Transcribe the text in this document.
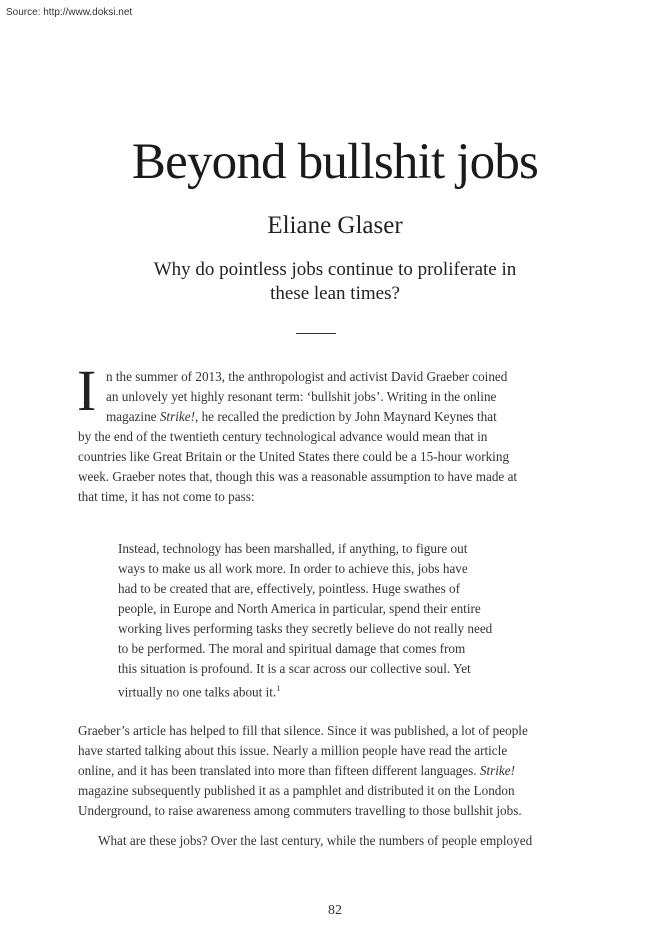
Source: http://www.doksi.net
Beyond bullshit jobs
Eliane Glaser
Why do pointless jobs continue to proliferate in
these lean times?
I n the summer of 2013, the anthropologist and activist David Graeber coined
an unlovely yet highly resonant term: ‘bullshit jobs’. Writing in the online
magazine Strike!, he recalled the prediction by John Maynard Keynes that
by the end of the twentieth century technological advance would mean that in
countries like Great Britain or the United States there could be a 15-hour working
week. Graeber notes that, though this was a reasonable assumption to have made at
that time, it has not come to pass:
Instead, technology has been marshalled, if anything, to figure out
ways to make us all work more. In order to achieve this, jobs have
had to be created that are, effectively, pointless. Huge swathes of
people, in Europe and North America in particular, spend their entire
working lives performing tasks they secretly believe do not really need
to be performed. The moral and spiritual damage that comes from
this situation is profound. It is a scar across our collective soul. Yet
virtually no one talks about it.$^1$
Graeber’s article has helped to fill that silence. Since it was published, a lot of people
have started talking about this issue. Nearly a million people have read the article
online, and it has been translated into more than fifteen different languages. Strike!
magazine subsequently published it as a pamphlet and distributed it on the London
Underground, to raise awareness among commuters travelling to those bullshit jobs.
What are these jobs? Over the last century, while the numbers of people employed
82
